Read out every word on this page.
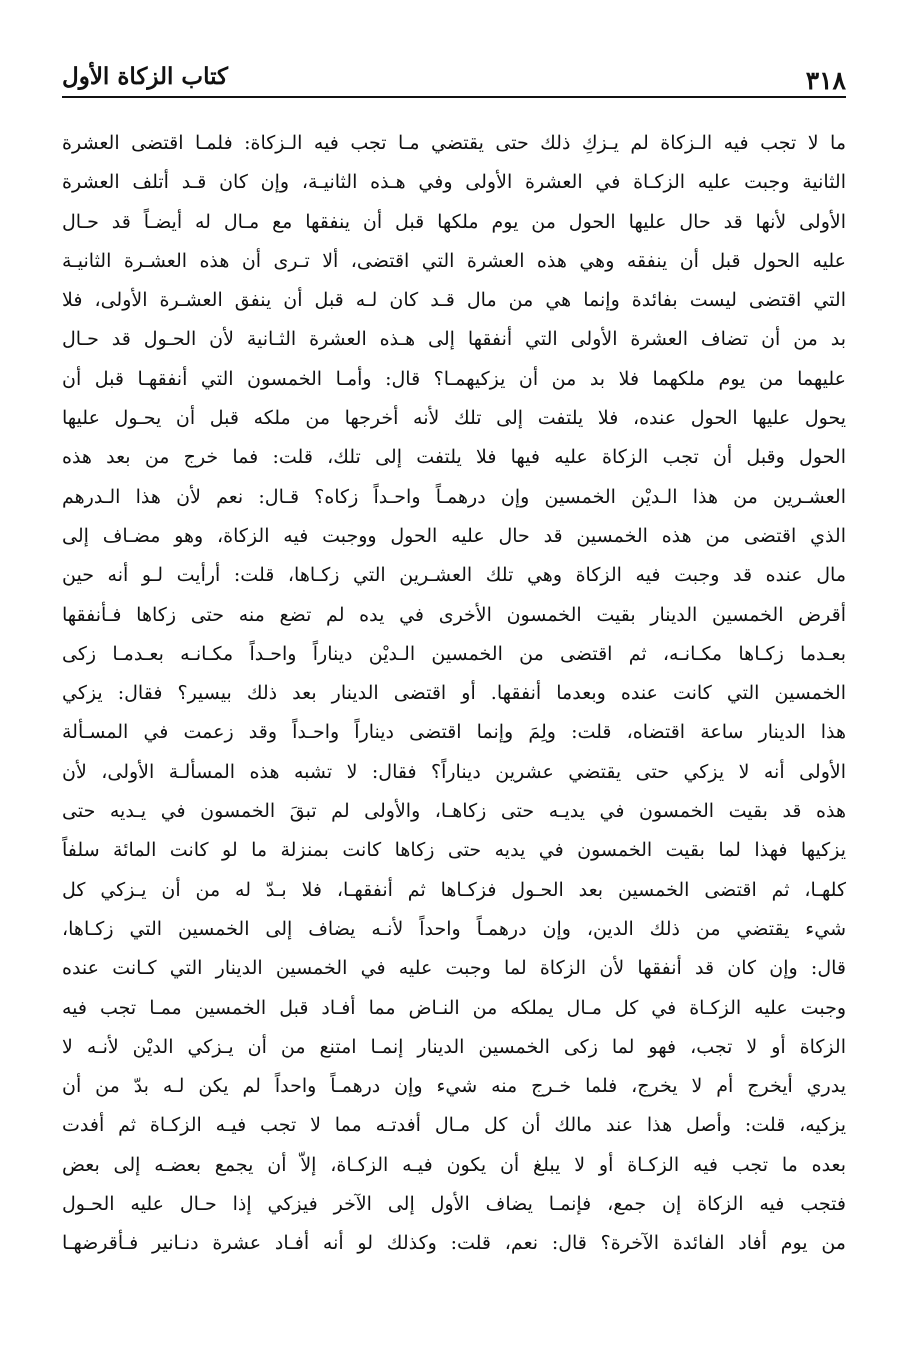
٣١٨
كتاب الزكاة الأول
ما لا تجب فيه الـزكاة لم يـزكِ ذلك حتى يقتضي مـا تجب فيه الـزكاة: فلمـا اقتضى العشرة
الثانية وجبت عليه الزكـاة في العشرة الأولى وفي هـذه الثانيـة، وإن كان قـد أتلف العشرة
الأولى لأنها قد حال عليها الحول من يوم ملكها قبل أن ينفقها مع مـال له أيضـاً قد حـال
عليه الحول قبل أن ينفقه وهي هذه العشرة التي اقتضى، ألا تـرى أن هذه العشـرة الثانيـة
التي اقتضى ليست بفائدة وإنما هي من مال قـد كان لـه قبل أن ينفق العشـرة الأولى، فلا
بد من أن تضاف العشرة الأولى التي أنفقها إلى هـذه العشرة الثـانية لأن الحـول قد حـال
عليهما من يوم ملكهما فلا بد من أن يزكيهمـا؟ قال: وأمـا الخمسون التي أنفقهـا قبل أن
يحول عليها الحول عنده، فلا يلتفت إلى تلك لأنه أخرجها من ملكه قبل أن يحـول عليها
الحول وقبل أن تجب الزكاة عليه فيها فلا يلتفت إلى تلك، قلت: فما خرج من بعد هذه
العشـرين من هذا الـديْن الخمسين وإن درهمـاً واحـداً زكاه؟ قـال: نعم لأن هذا الـدرهم
الذي اقتضى من هذه الخمسين قد حال عليه الحول ووجبت فيه الزكاة، وهو مضـاف إلى
مال عنده قد وجبت فيه الزكاة وهي تلك العشـرين التي زكـاها، قلت: أرأيت لـو أنه حين
أقرض الخمسين الدينار بقيت الخمسون الأخرى في يده لم تضع منه حتى زكاها فـأنفقها
بعـدما زكـاها مكـانـه، ثم اقتضى من الخمسين الـديْن ديناراً واحـداً مكـانـه بعـدمـا زكى
الخمسين التي كانت عنده وبعدما أنفقها. أو اقتضى الدينار بعد ذلك بيسير؟ فقال: يزكي
هذا الدينار ساعة اقتضاه، قلت: ولِمَ وإنما اقتضى ديناراً واحـداً وقد زعمت في المسـألة
الأولى أنه لا يزكي حتى يقتضي عشرين ديناراً؟ فقال: لا تشبه هذه المسألـة الأولى، لأن
هذه قد بقيت الخمسون في يديـه حتى زكاهـا، والأولى لم تبقَ الخمسون في يـديه حتى
يزكيها فهذا لما بقيت الخمسون في يديه حتى زكاها كانت بمنزلة ما لو كانت المائة سلفاً
كلهـا، ثم اقتضى الخمسين بعد الحـول فزكـاها ثم أنفقهـا، فلا بـدّ له من أن يـزكي كل
شيء يقتضي من ذلك الدين، وإن درهمـاً واحداً لأنـه يضاف إلى الخمسين التي زكـاها،
قال: وإن كان قد أنفقها لأن الزكاة لما وجبت عليه في الخمسين الدينار التي كـانت عنده
وجبت عليه الزكـاة في كل مـال يملكه من النـاض مما أفـاد قبل الخمسين ممـا تجب فيه
الزكاة أو لا تجب، فهو لما زكى الخمسين الدينار إنمـا امتنع من أن يـزكي الديْن لأنـه لا
يدري أيخرج أم لا يخرج، فلما خـرج منه شيء وإن درهمـاً واحداً لم يكن لـه بدّ من أن
يزكيه، قلت: وأصل هذا عند مالك أن كل مـال أفدتـه مما لا تجب فيـه الزكـاة ثم أفدت
بعده ما تجب فيه الزكـاة أو لا يبلغ أن يكون فيـه الزكـاة، إلاّ أن يجمع بعضـه إلى بعض
فتجب فيه الزكاة إن جمع، فإنمـا يضاف الأول إلى الآخر فيزكي إذا حـال عليه الحـول
من يوم أفاد الفائدة الآخرة؟ قال: نعم، قلت: وكذلك لو أنه أفـاد عشرة دنـانير فـأقرضهـا
